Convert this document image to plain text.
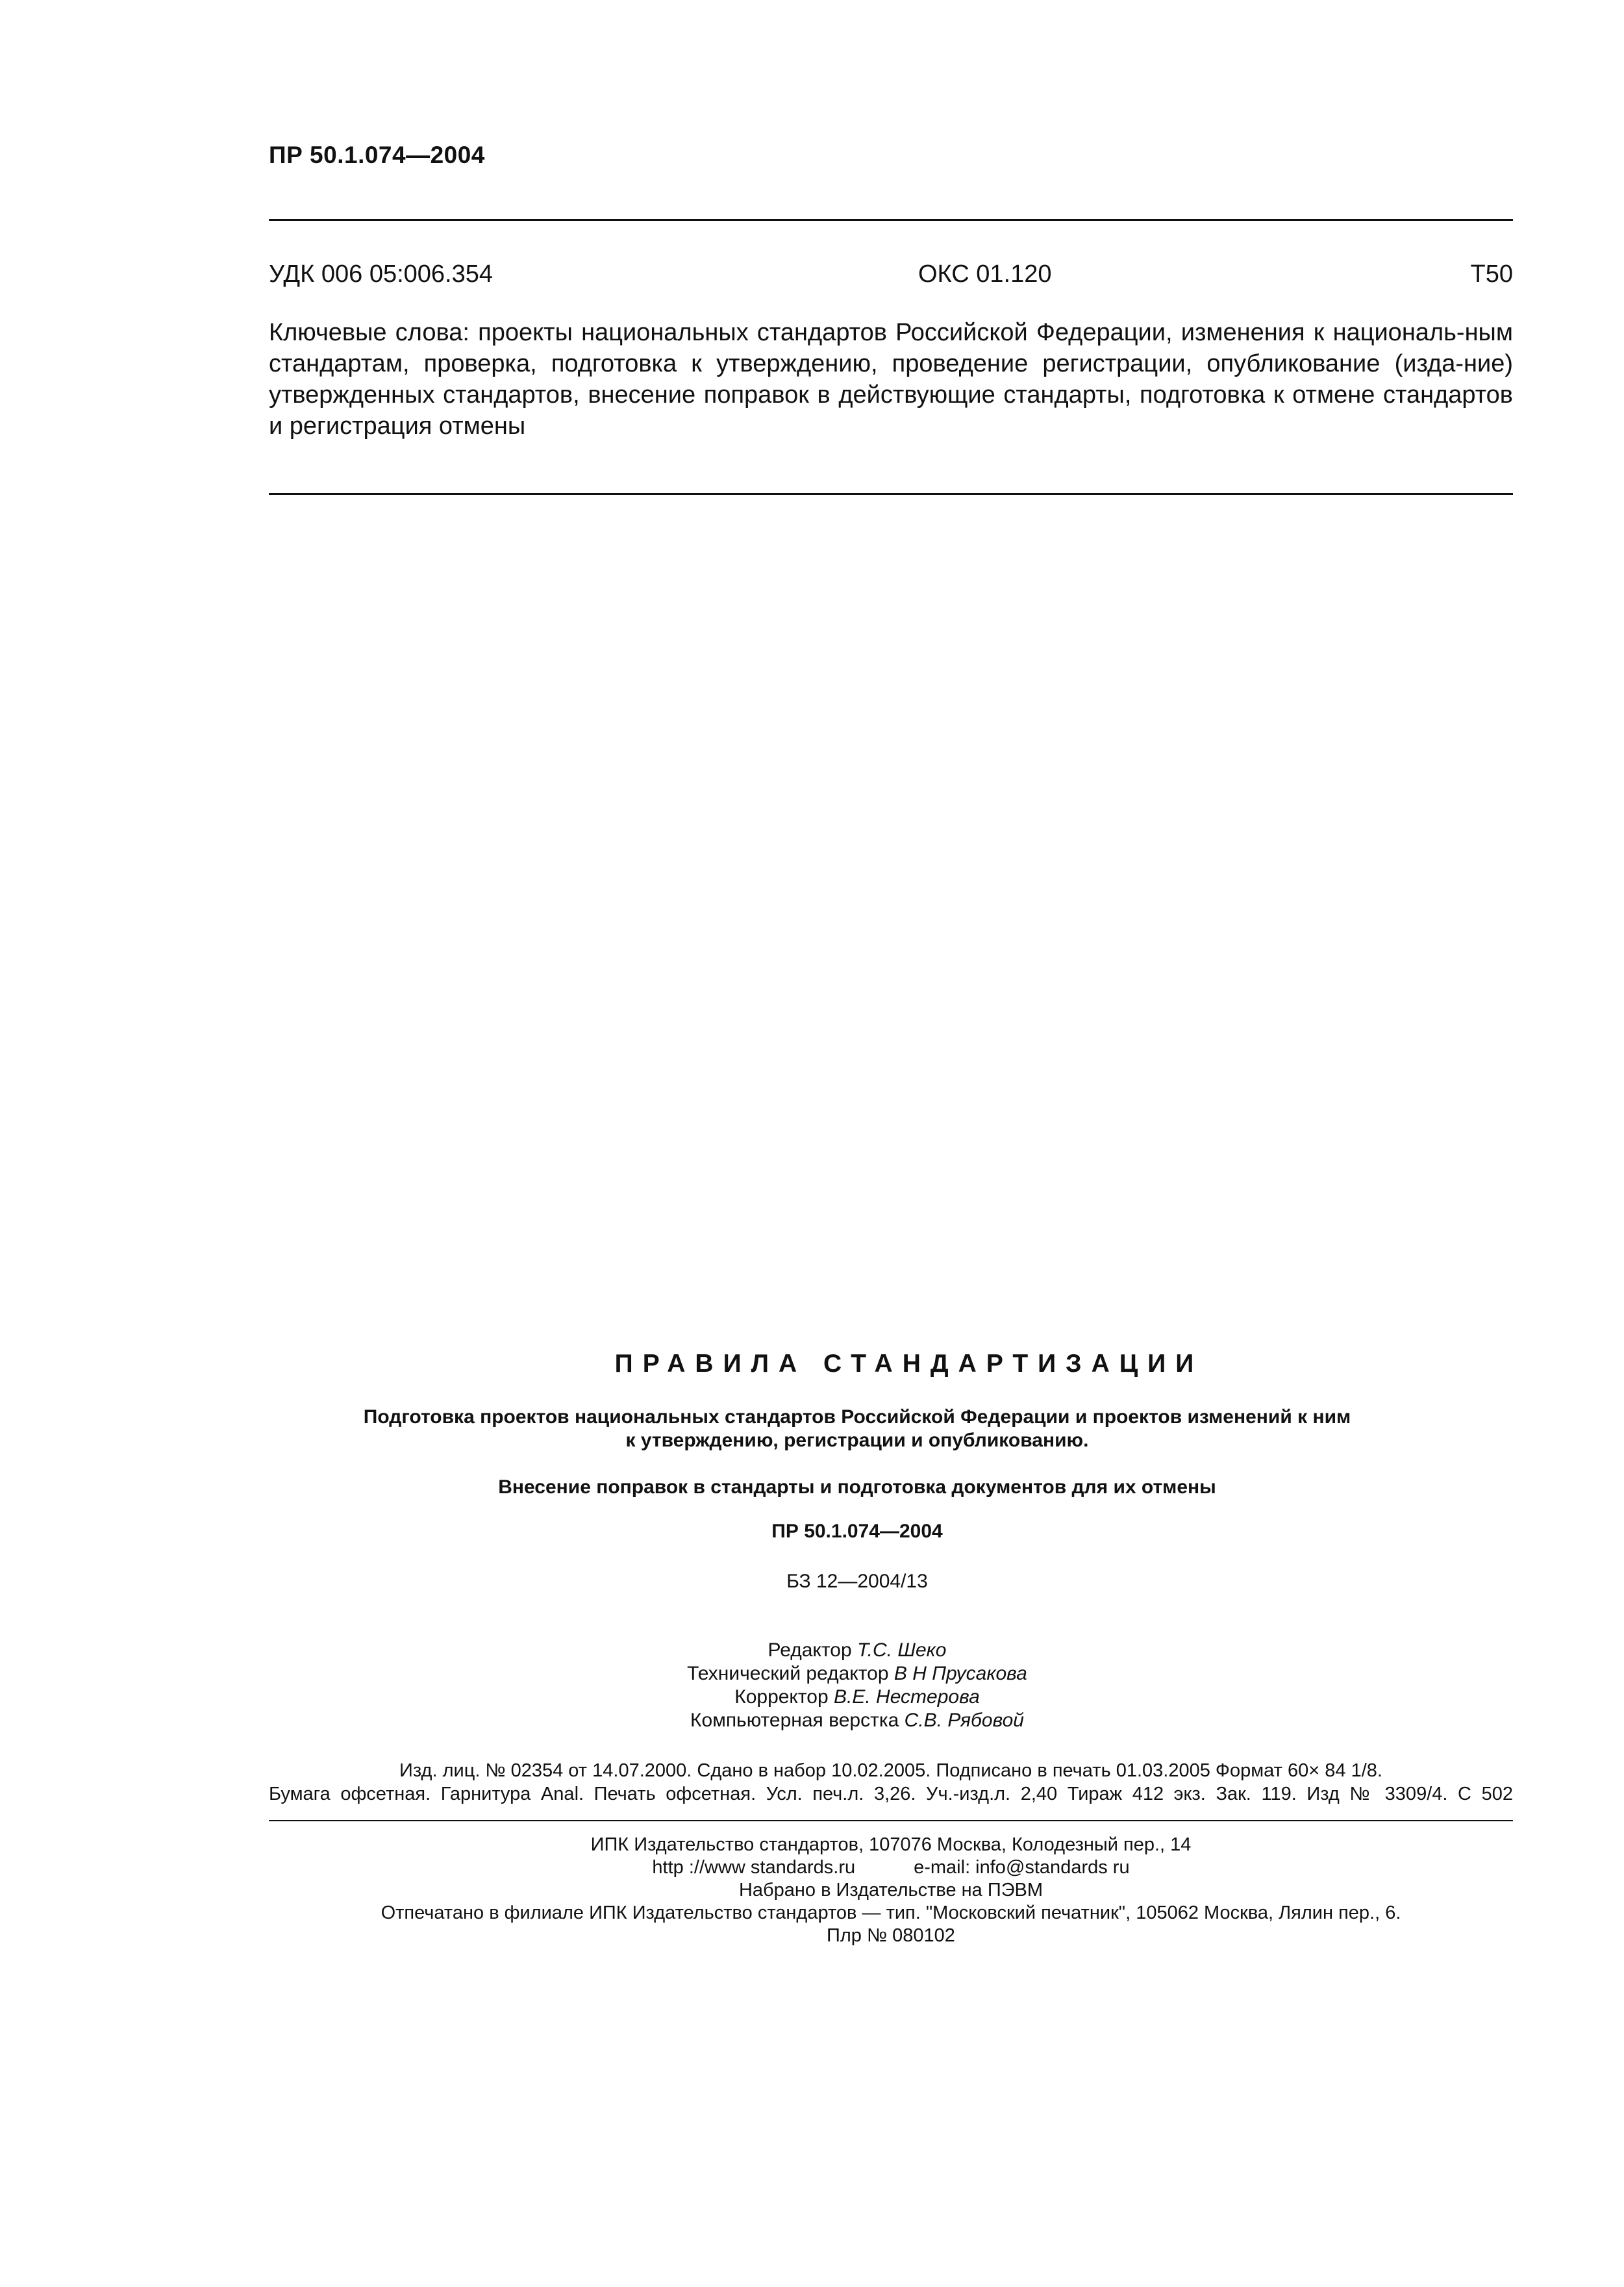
ПР 50.1.074—2004
УДК 006 05:006.354	ОКС 01.120	Т50
Ключевые слова: проекты национальных стандартов Российской Федерации, изменения к националь-ным стандартам, проверка, подготовка к утверждению, проведение регистрации, опубликование (изда-ние) утвержденных стандартов, внесение поправок в действующие стандарты, подготовка к отмене стандартов и регистрация отмены
ПРАВИЛА СТАНДАРТИЗАЦИИ
Подготовка проектов национальных стандартов Российской Федерации и проектов изменений к ним
к утверждению, регистрации и опубликованию.
Внесение поправок в стандарты и подготовка документов для их отмены
ПР 50.1.074—2004
БЗ 12—2004/13
Редактор Т.С. Шеко
Технический редактор В Н Прусакова
Корректор В.Е. Нестерова
Компьютерная верстка С.В. Рябовой
Изд. лиц. № 02354 от 14.07.2000. Сдано в набор 10.02.2005. Подписано в печать 01.03.2005 Формат 60× 84 1/8.
Бумага офсетная. Гарнитура Anal. Печать офсетная. Усл. печ.л. 3,26. Уч.-изд.л. 2,40 Тираж 412 экз. Зак. 119. Изд № 3309/4. С 502
ИПК Издательство стандартов, 107076 Москва, Колодезный пер., 14
http ://www standards.ru	e-mail: info@standards ru
Набрано в Издательстве на ПЭВМ
Отпечатано в филиале ИПК Издательство стандартов — тип. "Московский печатник", 105062 Москва, Лялин пер., 6.
Плр № 080102
